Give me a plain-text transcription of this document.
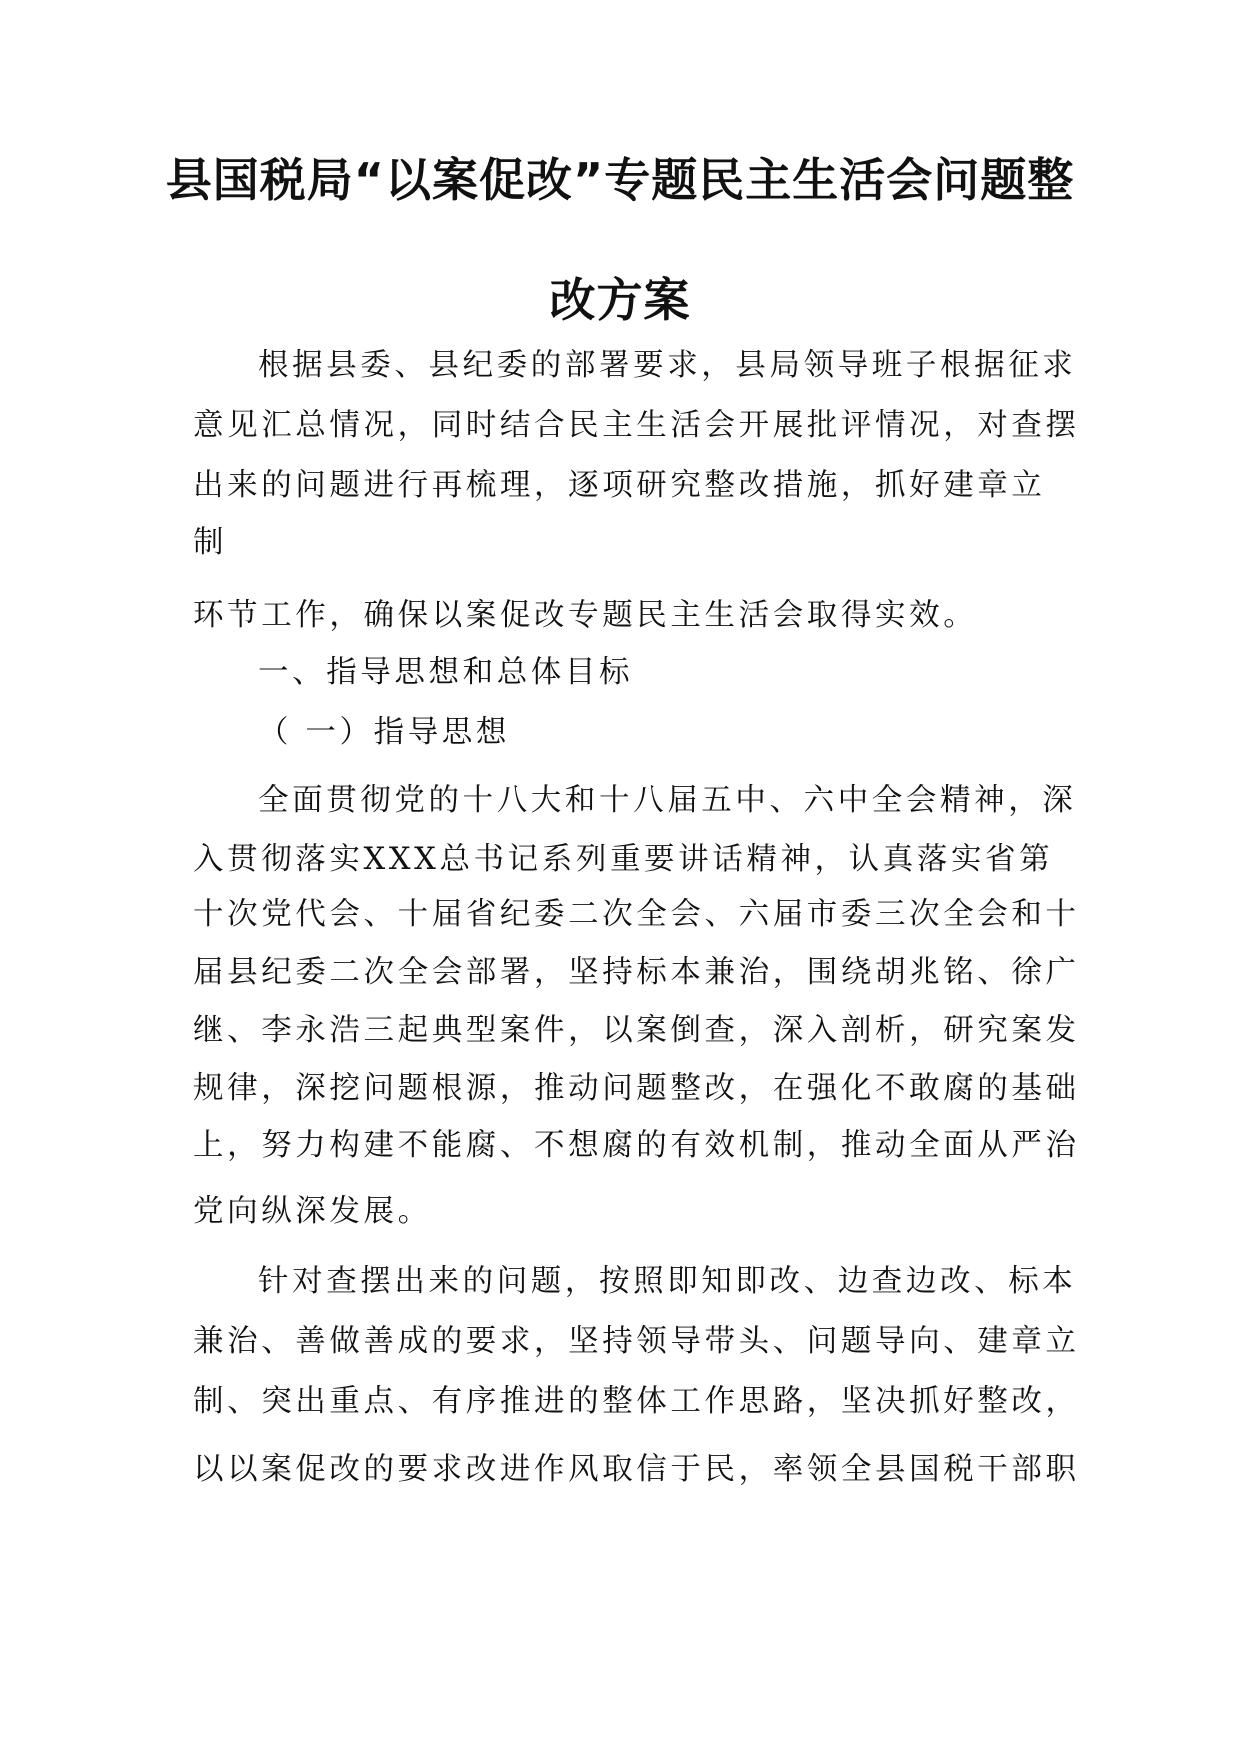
县国税局“以案促改”专题民主生活会问题整
改方案
根据县委、县纪委的部署要求，县局领导班子根据征求
意见汇总情况，同时结合民主生活会开展批评情况，对查摆
出来的问题进行再梳理，逐项研究整改措施，抓好建章立
制
环节工作，确保以案促改专题民主生活会取得实效。
一、指导思想和总体目标
（ 一）指导思想
全面贯彻党的十八大和十八届五中、六中全会精神，深
入贯彻落实XXX总书记系列重要讲话精神，认真落实省第
十次党代会、十届省纪委二次全会、六届市委三次全会和十
届县纪委二次全会部署，坚持标本兼治，围绕胡兆铭、徐广
继、李永浩三起典型案件，以案倒查，深入剖析，研究案发
规律，深挖问题根源，推动问题整改，在强化不敢腐的基础
上，努力构建不能腐、不想腐的有效机制，推动全面从严治
党向纵深发展。
针对查摆出来的问题，按照即知即改、边查边改、标本
兼治、善做善成的要求，坚持领导带头、问题导向、建章立
制、突出重点、有序推进的整体工作思路，坚决抓好整改，
以以案促改的要求改进作风取信于民，率领全县国税干部职
